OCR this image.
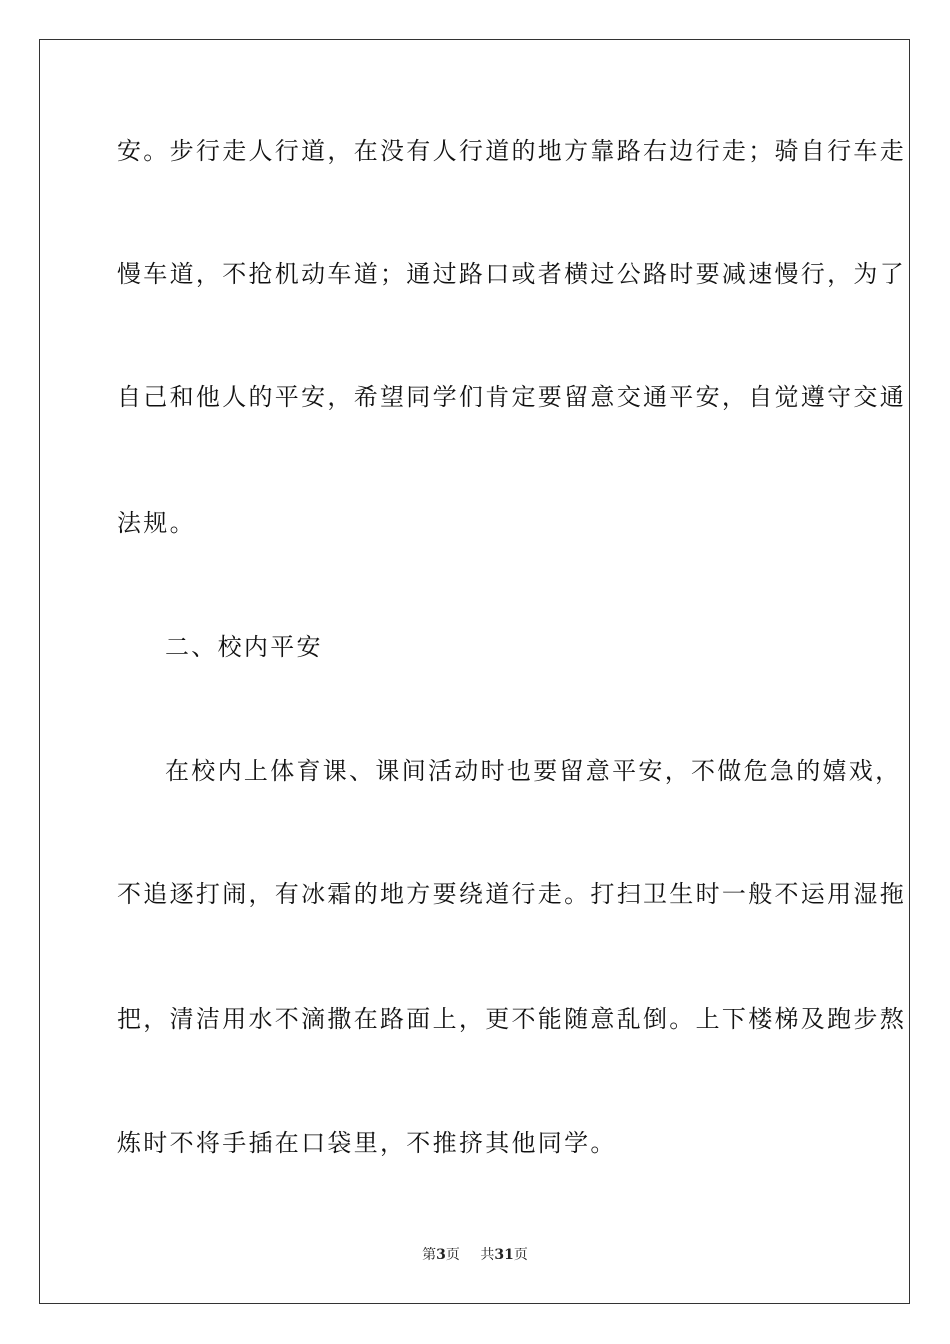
安。步行走人行道，在没有人行道的地方靠路右边行走；骑自行车走
慢车道，不抢机动车道；通过路口或者横过公路时要减速慢行，为了
自己和他人的平安，希望同学们肯定要留意交通平安，自觉遵守交通
法规。
二、校内平安
在校内上体育课、课间活动时也要留意平安，不做危急的嬉戏，
不追逐打闹，有冰霜的地方要绕道行走。打扫卫生时一般不运用湿拖
把，清洁用水不滴撒在路面上，更不能随意乱倒。上下楼梯及跑步熬
炼时不将手插在口袋里，不推挤其他同学。
第3页 共31页
